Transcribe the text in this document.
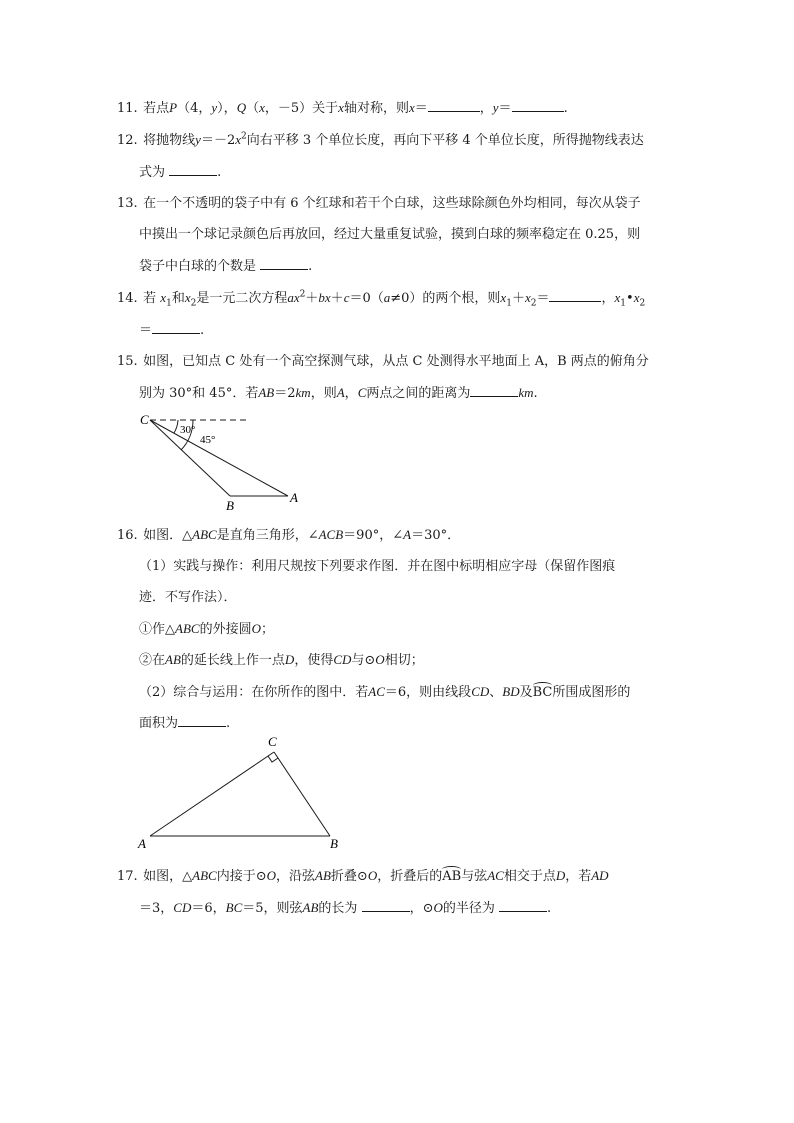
11. 若点P（4，y），Q（x，－5）关于x轴对称，则x＝	，y＝	.
12. 将抛物线$y=-2x^2$向右平移 3 个单位长度，再向下平移 4 个单位长度，所得抛物线表达
式为	.
13. 在一个不透明的袋子中有 6 个红球和若干个白球，这些球除颜色外均相同，每次从袋子
中摸出一个球记录颜色后再放回，经过大量重复试验，摸到白球的频率稳定在 0.25，则
袋子中白球的个数是	.
14. 若 $x_1$和$x_2$是一元二次方程$ax^2+bx+c=0(a\ne 0)$的两个根，则$x_1+x_2=$	，$x_1•x_2$
＝	.
15. 如图，已知点 C 处有一个高空探测气球，从点 C 处测得水平地面上 A，B 两点的俯角分
别为 30°和 45°．若AB＝2km，则A，C两点之间的距离为	km.
C
30°
45°
B
A
16. 如图．△ABC是直角三角形，∠ACB＝90°，∠A＝30°．
（1）实践与操作：利用尺规按下列要求作图．并在图中标明相应字母（保留作图痕
迹．不写作法）．
①作△ABC的外接圆O；
②在AB的延长线上作一点D，使得CD与⊙O相切；
（2）综合与运用：在你所作的图中．若AC＝6，则由线段CD、BD及
BC所围成图形的
面积为	.
C
A	B
17. 如图，△ABC内接于⊙O，沿弦AB折叠⊙O，折叠后的
AB与弦AC相交于点D，若AD
＝3，CD＝6，BC＝5，则弦AB的长为	，⊙O的半径为	.
